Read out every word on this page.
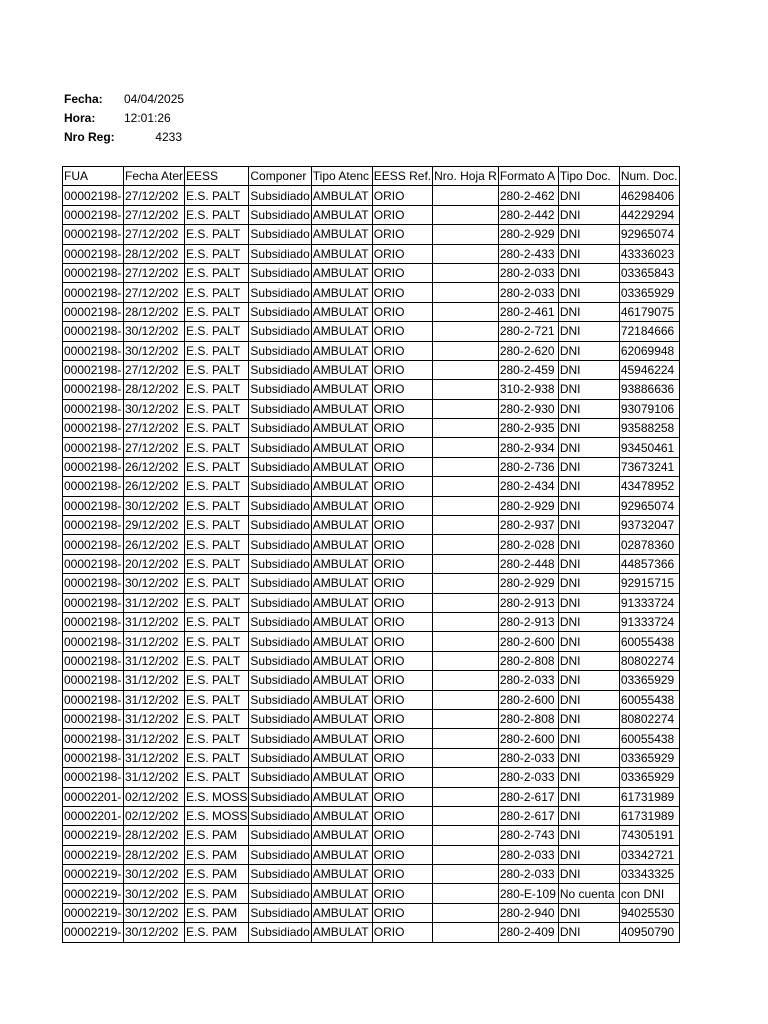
Fecha: 04/04/2025
Hora: 12:01:26
Nro Reg:	4233
FUA	Fecha Ater	EESS	Componer	Tipo Atenc	EESS Ref.	Nro. Hoja R	Formato A	Tipo Doc.	Num. Doc.
00002198-	27/12/202	E.S. PALT	Subsidiado	AMBULAT	ORIO		280-2-462	DNI	46298406
00002198-	27/12/202	E.S. PALT	Subsidiado	AMBULAT	ORIO		280-2-442	DNI	44229294
00002198-	27/12/202	E.S. PALT	Subsidiado	AMBULAT	ORIO		280-2-929	DNI	92965074
00002198-	28/12/202	E.S. PALT	Subsidiado	AMBULAT	ORIO		280-2-433	DNI	43336023
00002198-	27/12/202	E.S. PALT	Subsidiado	AMBULAT	ORIO		280-2-033	DNI	03365843
00002198-	27/12/202	E.S. PALT	Subsidiado	AMBULAT	ORIO		280-2-033	DNI	03365929
00002198-	28/12/202	E.S. PALT	Subsidiado	AMBULAT	ORIO		280-2-461	DNI	46179075
00002198-	30/12/202	E.S. PALT	Subsidiado	AMBULAT	ORIO		280-2-721	DNI	72184666
00002198-	30/12/202	E.S. PALT	Subsidiado	AMBULAT	ORIO		280-2-620	DNI	62069948
00002198-	27/12/202	E.S. PALT	Subsidiado	AMBULAT	ORIO		280-2-459	DNI	45946224
00002198-	28/12/202	E.S. PALT	Subsidiado	AMBULAT	ORIO		310-2-938	DNI	93886636
00002198-	30/12/202	E.S. PALT	Subsidiado	AMBULAT	ORIO		280-2-930	DNI	93079106
00002198-	27/12/202	E.S. PALT	Subsidiado	AMBULAT	ORIO		280-2-935	DNI	93588258
00002198-	27/12/202	E.S. PALT	Subsidiado	AMBULAT	ORIO		280-2-934	DNI	93450461
00002198-	26/12/202	E.S. PALT	Subsidiado	AMBULAT	ORIO		280-2-736	DNI	73673241
00002198-	26/12/202	E.S. PALT	Subsidiado	AMBULAT	ORIO		280-2-434	DNI	43478952
00002198-	30/12/202	E.S. PALT	Subsidiado	AMBULAT	ORIO		280-2-929	DNI	92965074
00002198-	29/12/202	E.S. PALT	Subsidiado	AMBULAT	ORIO		280-2-937	DNI	93732047
00002198-	26/12/202	E.S. PALT	Subsidiado	AMBULAT	ORIO		280-2-028	DNI	02878360
00002198-	20/12/202	E.S. PALT	Subsidiado	AMBULAT	ORIO		280-2-448	DNI	44857366
00002198-	30/12/202	E.S. PALT	Subsidiado	AMBULAT	ORIO		280-2-929	DNI	92915715
00002198-	31/12/202	E.S. PALT	Subsidiado	AMBULAT	ORIO		280-2-913	DNI	91333724
00002198-	31/12/202	E.S. PALT	Subsidiado	AMBULAT	ORIO		280-2-913	DNI	91333724
00002198-	31/12/202	E.S. PALT	Subsidiado	AMBULAT	ORIO		280-2-600	DNI	60055438
00002198-	31/12/202	E.S. PALT	Subsidiado	AMBULAT	ORIO		280-2-808	DNI	80802274
00002198-	31/12/202	E.S. PALT	Subsidiado	AMBULAT	ORIO		280-2-033	DNI	03365929
00002198-	31/12/202	E.S. PALT	Subsidiado	AMBULAT	ORIO		280-2-600	DNI	60055438
00002198-	31/12/202	E.S. PALT	Subsidiado	AMBULAT	ORIO		280-2-808	DNI	80802274
00002198-	31/12/202	E.S. PALT	Subsidiado	AMBULAT	ORIO		280-2-600	DNI	60055438
00002198-	31/12/202	E.S. PALT	Subsidiado	AMBULAT	ORIO		280-2-033	DNI	03365929
00002198-	31/12/202	E.S. PALT	Subsidiado	AMBULAT	ORIO		280-2-033	DNI	03365929
00002201-	02/12/202	E.S. MOSS	Subsidiado	AMBULAT	ORIO		280-2-617	DNI	61731989
00002201-	02/12/202	E.S. MOSS	Subsidiado	AMBULAT	ORIO		280-2-617	DNI	61731989
00002219-	28/12/202	E.S. PAM	Subsidiado	AMBULAT	ORIO		280-2-743	DNI	74305191
00002219-	28/12/202	E.S. PAM	Subsidiado	AMBULAT	ORIO		280-2-033	DNI	03342721
00002219-	30/12/202	E.S. PAM	Subsidiado	AMBULAT	ORIO		280-2-033	DNI	03343325
00002219-	30/12/202	E.S. PAM	Subsidiado	AMBULAT	ORIO		280-E-109	No cuenta	con DNI
00002219-	30/12/202	E.S. PAM	Subsidiado	AMBULAT	ORIO		280-2-940	DNI	94025530
00002219-	30/12/202	E.S. PAM	Subsidiado	AMBULAT	ORIO		280-2-409	DNI	40950790
